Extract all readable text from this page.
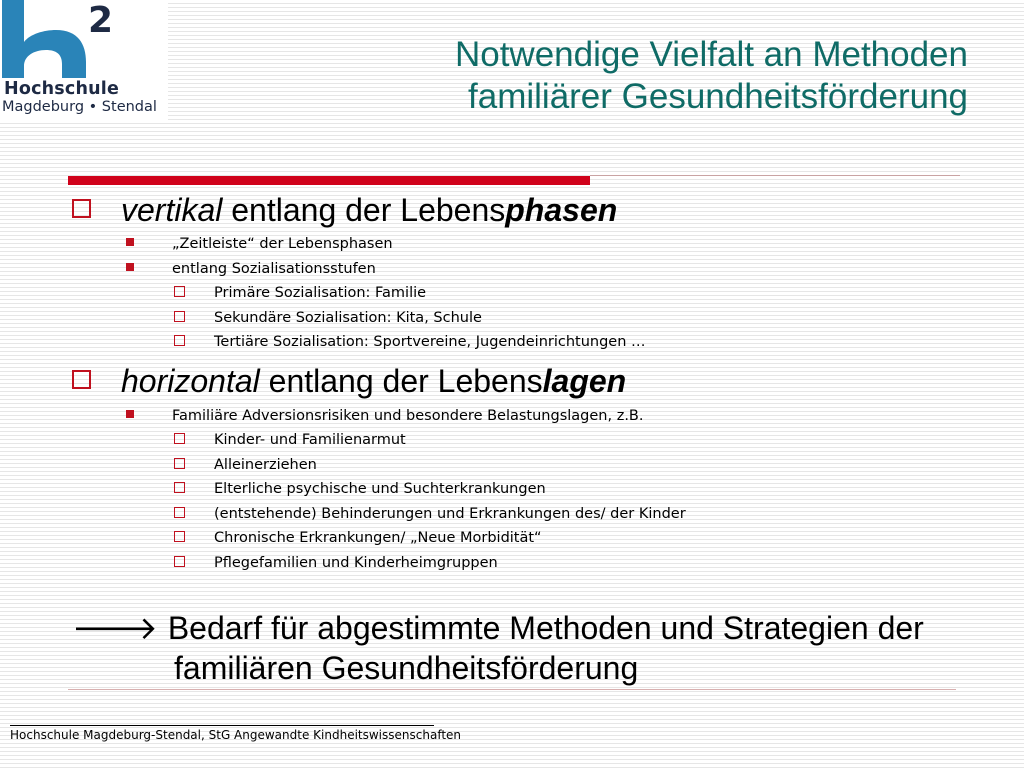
2
Hochschule
Magdeburg • Stendal
Notwendige Vielfalt an Methoden
familiärer Gesundheitsförderung
vertikal entlang der Lebensphasen
„Zeitleiste“ der Lebensphasen
entlang Sozialisationsstufen
Primäre Sozialisation: Familie
Sekundäre Sozialisation: Kita, Schule
Tertiäre Sozialisation: Sportvereine, Jugendeinrichtungen …
horizontal entlang der Lebenslagen
Familiäre Adversionsrisiken und besondere Belastungslagen, z.B.
Kinder- und Familienarmut
Alleinerziehen
Elterliche psychische und Suchterkrankungen
(entstehende) Behinderungen und Erkrankungen des/ der Kinder
Chronische Erkrankungen/ „Neue Morbidität“
Pflegefamilien und Kinderheimgruppen
🡒 Bedarf für abgestimmte Methoden und Strategien der
familiären Gesundheitsförderung
Hochschule Magdeburg-Stendal, StG Angewandte Kindheitswissenschaften
